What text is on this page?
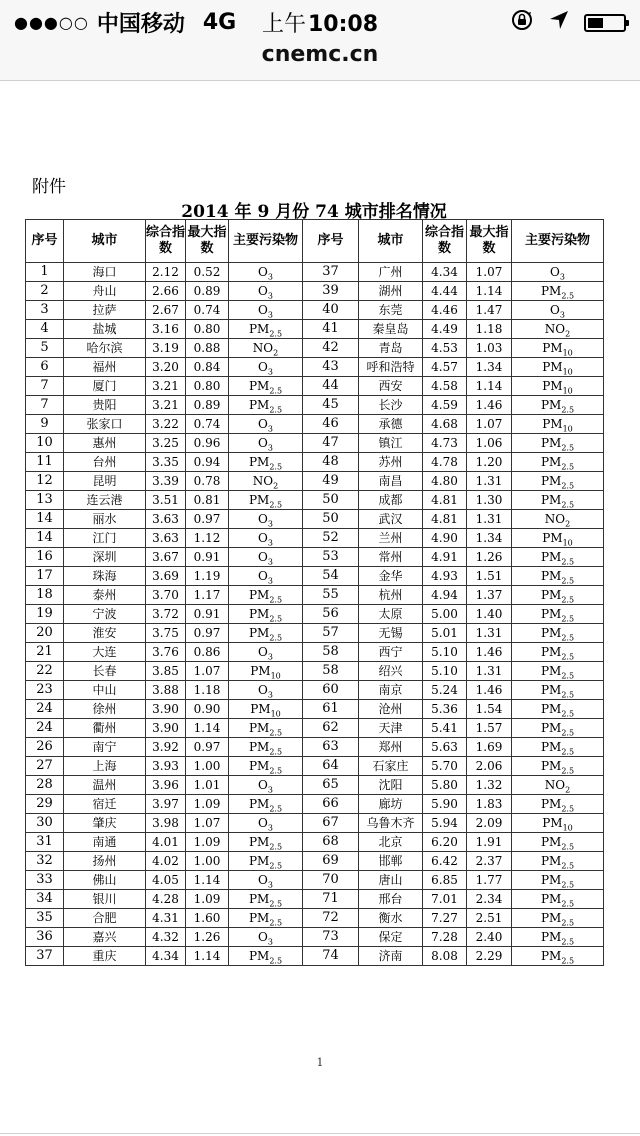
●●●○○ 中国移动 4G	上午10:08
cnemc.cn
附件
2014 年 9 月份 74 城市排名情况
序号	城市	综合指数	最大指数	主要污染物	序号	城市	综合指数	最大指数	主要污染物
1	海口	2.12	0.52	$O_3$	37	广州	4.34	1.07	$O_3$
2	舟山	2.66	0.89	$O_3$	39	湖州	4.44	1.14	$PM_{2.5}$
3	拉萨	2.67	0.74	$O_3$	40	东莞	4.46	1.47	$O_3$
4	盐城	3.16	0.80	$PM_{2.5}$	41	秦皇岛	4.49	1.18	$NO_2$
5	哈尔滨	3.19	0.88	$NO_2$	42	青岛	4.53	1.03	$PM_{10}$
6	福州	3.20	0.84	$O_3$	43	呼和浩特	4.57	1.34	$PM_{10}$
7	厦门	3.21	0.80	$PM_{2.5}$	44	西安	4.58	1.14	$PM_{10}$
7	贵阳	3.21	0.89	$PM_{2.5}$	45	长沙	4.59	1.46	$PM_{2.5}$
9	张家口	3.22	0.74	$O_3$	46	承德	4.68	1.07	$PM_{10}$
10	惠州	3.25	0.96	$O_3$	47	镇江	4.73	1.06	$PM_{2.5}$
11	台州	3.35	0.94	$PM_{2.5}$	48	苏州	4.78	1.20	$PM_{2.5}$
12	昆明	3.39	0.78	$NO_2$	49	南昌	4.80	1.31	$PM_{2.5}$
13	连云港	3.51	0.81	$PM_{2.5}$	50	成都	4.81	1.30	$PM_{2.5}$
14	丽水	3.63	0.97	$O_3$	50	武汉	4.81	1.31	$NO_2$
14	江门	3.63	1.12	$O_3$	52	兰州	4.90	1.34	$PM_{10}$
16	深圳	3.67	0.91	$O_3$	53	常州	4.91	1.26	$PM_{2.5}$
17	珠海	3.69	1.19	$O_3$	54	金华	4.93	1.51	$PM_{2.5}$
18	泰州	3.70	1.17	$PM_{2.5}$	55	杭州	4.94	1.37	$PM_{2.5}$
19	宁波	3.72	0.91	$PM_{2.5}$	56	太原	5.00	1.40	$PM_{2.5}$
20	淮安	3.75	0.97	$PM_{2.5}$	57	无锡	5.01	1.31	$PM_{2.5}$
21	大连	3.76	0.86	$O_3$	58	西宁	5.10	1.46	$PM_{2.5}$
22	长春	3.85	1.07	$PM_{10}$	58	绍兴	5.10	1.31	$PM_{2.5}$
23	中山	3.88	1.18	$O_3$	60	南京	5.24	1.46	$PM_{2.5}$
24	徐州	3.90	0.90	$PM_{10}$	61	沧州	5.36	1.54	$PM_{2.5}$
24	衢州	3.90	1.14	$PM_{2.5}$	62	天津	5.41	1.57	$PM_{2.5}$
26	南宁	3.92	0.97	$PM_{2.5}$	63	郑州	5.63	1.69	$PM_{2.5}$
27	上海	3.93	1.00	$PM_{2.5}$	64	石家庄	5.70	2.06	$PM_{2.5}$
28	温州	3.96	1.01	$O_3$	65	沈阳	5.80	1.32	$NO_2$
29	宿迁	3.97	1.09	$PM_{2.5}$	66	廊坊	5.90	1.83	$PM_{2.5}$
30	肇庆	3.98	1.07	$O_3$	67	乌鲁木齐	5.94	2.09	$PM_{10}$
31	南通	4.01	1.09	$PM_{2.5}$	68	北京	6.20	1.91	$PM_{2.5}$
32	扬州	4.02	1.00	$PM_{2.5}$	69	邯郸	6.42	2.37	$PM_{2.5}$
33	佛山	4.05	1.14	$O_3$	70	唐山	6.85	1.77	$PM_{2.5}$
34	银川	4.28	1.09	$PM_{2.5}$	71	邢台	7.01	2.34	$PM_{2.5}$
35	合肥	4.31	1.60	$PM_{2.5}$	72	衡水	7.27	2.51	$PM_{2.5}$
36	嘉兴	4.32	1.26	$O_3$	73	保定	7.28	2.40	$PM_{2.5}$
37	重庆	4.34	1.14	$PM_{2.5}$	74	济南	8.08	2.29	$PM_{2.5}$
1
